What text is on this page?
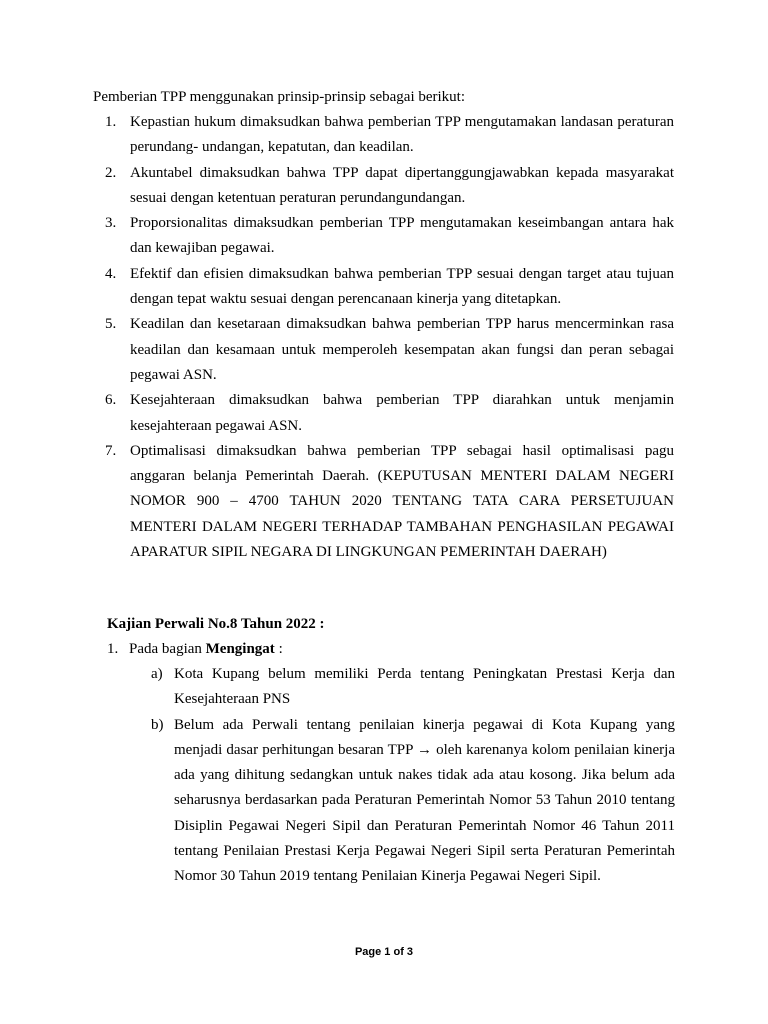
Pemberian TPP menggunakan prinsip-prinsip sebagai berikut:
1. Kepastian hukum dimaksudkan bahwa pemberian TPP mengutamakan landasan peraturan perundang- undangan, kepatutan, dan keadilan.
2. Akuntabel dimaksudkan bahwa TPP dapat dipertanggungjawabkan kepada masyarakat sesuai dengan ketentuan peraturan perundangundangan.
3. Proporsionalitas dimaksudkan pemberian TPP mengutamakan keseimbangan antara hak dan kewajiban pegawai.
4. Efektif dan efisien dimaksudkan bahwa pemberian TPP sesuai dengan target atau tujuan dengan tepat waktu sesuai dengan perencanaan kinerja yang ditetapkan.
5. Keadilan dan kesetaraan dimaksudkan bahwa pemberian TPP harus mencerminkan rasa keadilan dan kesamaan untuk memperoleh kesempatan akan fungsi dan peran sebagai pegawai ASN.
6. Kesejahteraan dimaksudkan bahwa pemberian TPP diarahkan untuk menjamin kesejahteraan pegawai ASN.
7. Optimalisasi dimaksudkan bahwa pemberian TPP sebagai hasil optimalisasi pagu anggaran belanja Pemerintah Daerah. (KEPUTUSAN MENTERI DALAM NEGERI NOMOR 900 – 4700 TAHUN 2020 TENTANG TATA CARA PERSETUJUAN MENTERI DALAM NEGERI TERHADAP TAMBAHAN PENGHASILAN PEGAWAI APARATUR SIPIL NEGARA DI LINGKUNGAN PEMERINTAH DAERAH)
Kajian Perwali No.8 Tahun 2022 :
1. Pada bagian Mengingat :
a) Kota Kupang belum memiliki Perda tentang Peningkatan Prestasi Kerja dan Kesejahteraan PNS
b) Belum ada Perwali tentang penilaian kinerja pegawai di Kota Kupang yang menjadi dasar perhitungan besaran TPP → oleh karenanya kolom penilaian kinerja ada yang dihitung sedangkan untuk nakes tidak ada atau kosong. Jika belum ada seharusnya berdasarkan pada Peraturan Pemerintah Nomor 53 Tahun 2010 tentang Disiplin Pegawai Negeri Sipil dan Peraturan Pemerintah Nomor 46 Tahun 2011 tentang Penilaian Prestasi Kerja Pegawai Negeri Sipil serta Peraturan Pemerintah Nomor 30 Tahun 2019 tentang Penilaian Kinerja Pegawai Negeri Sipil.
Page 1 of 3
